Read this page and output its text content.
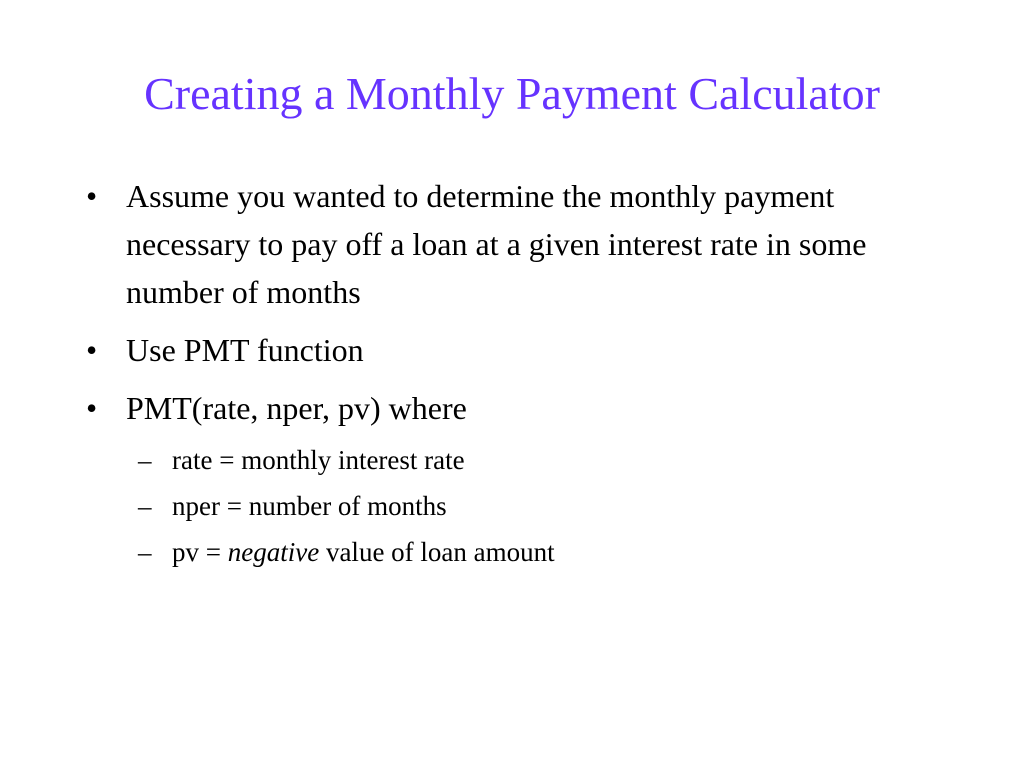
Creating a Monthly Payment Calculator
• Assume you wanted to determine the monthly payment necessary to pay off a loan at a given interest rate in some number of months
• Use PMT function
• PMT(rate, nper, pv) where
– rate = monthly interest rate
– nper = number of months
– pv = negative value of loan amount
